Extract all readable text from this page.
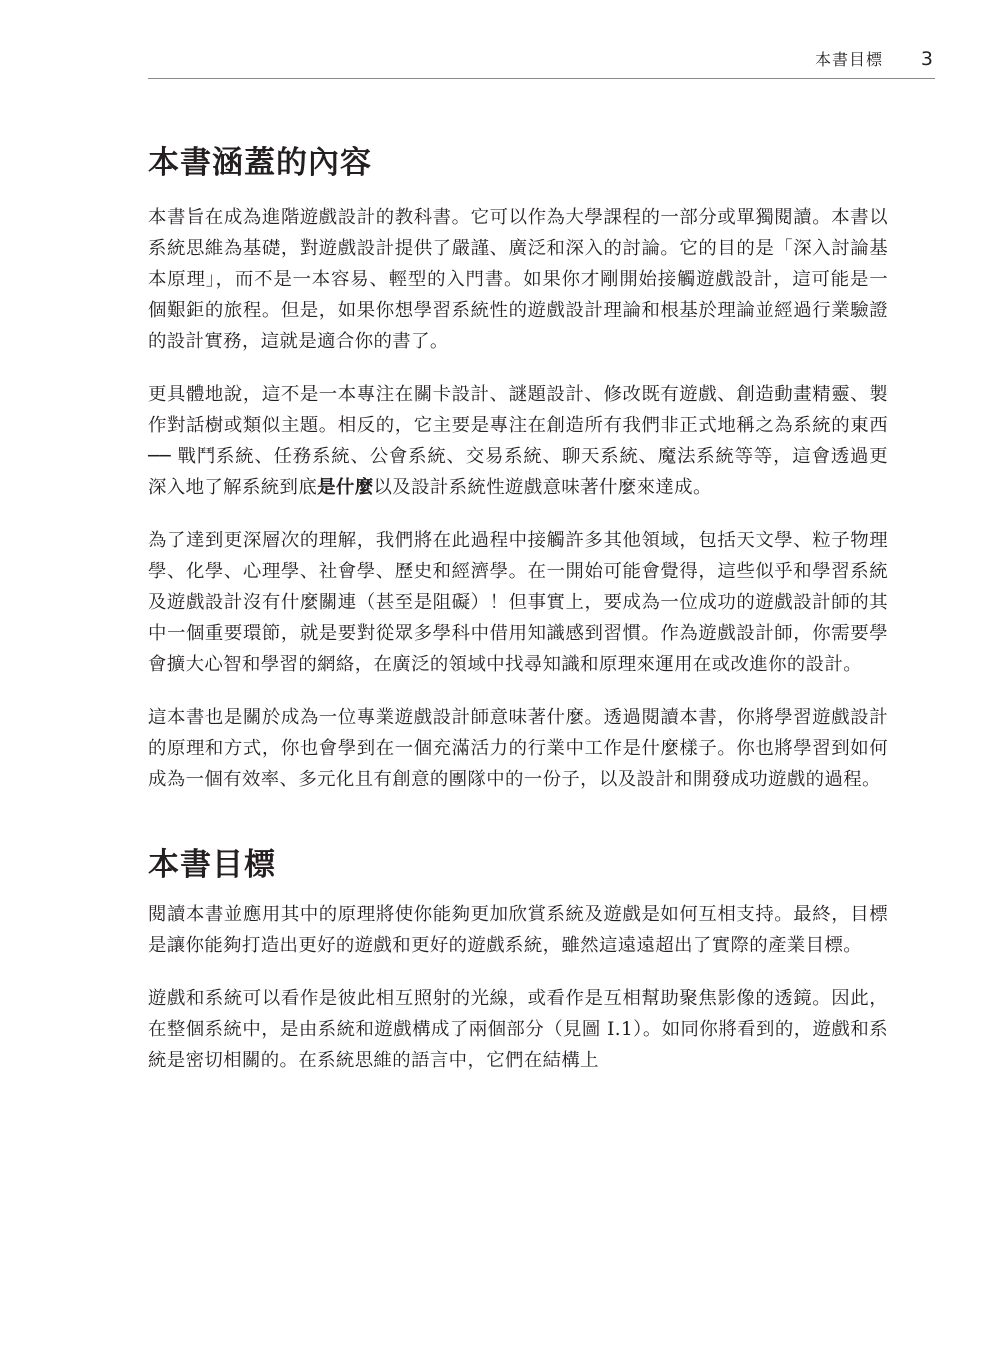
本書目標 3
本書涵蓋的內容

本書旨在成為進階遊戲設計的教科書。它可以作為大學課程的一部分或單獨閱讀。本書以系統思維為基礎，對遊戲設計提供了嚴謹、廣泛和深入的討論。它的目的是「深入討論基本原理」，而不是一本容易、輕型的入門書。如果你才剛開始接觸遊戲設計，這可能是一個艱鉅的旅程。但是，如果你想學習系統性的遊戲設計理論和根基於理論並經過行業驗證的設計實務，這就是適合你的書了。

更具體地說，這不是一本專注在關卡設計、謎題設計、修改既有遊戲、創造動畫精靈、製作對話樹或類似主題。相反的，它主要是專注在創造所有我們非正式地稱之為系統的東西 ── 戰鬥系統、任務系統、公會系統、交易系統、聊天系統、魔法系統等等，這會透過更深入地了解系統到底是什麼以及設計系統性遊戲意味著什麼來達成。

為了達到更深層次的理解，我們將在此過程中接觸許多其他領域，包括天文學、粒子物理學、化學、心理學、社會學、歷史和經濟學。在一開始可能會覺得，這些似乎和學習系統及遊戲設計沒有什麼關連（甚至是阻礙）！但事實上，要成為一位成功的遊戲設計師的其中一個重要環節，就是要對從眾多學科中借用知識感到習慣。作為遊戲設計師，你需要學會擴大心智和學習的網絡，在廣泛的領域中找尋知識和原理來運用在或改進你的設計。

這本書也是關於成為一位專業遊戲設計師意味著什麼。透過閱讀本書，你將學習遊戲設計的原理和方式，你也會學到在一個充滿活力的行業中工作是什麼樣子。你也將學習到如何成為一個有效率、多元化且有創意的團隊中的一份子，以及設計和開發成功遊戲的過程。

本書目標

閱讀本書並應用其中的原理將使你能夠更加欣賞系統及遊戲是如何互相支持。最終，目標是讓你能夠打造出更好的遊戲和更好的遊戲系統，雖然這遠遠超出了實際的產業目標。

遊戲和系統可以看作是彼此相互照射的光線，或看作是互相幫助聚焦影像的透鏡。因此，在整個系統中，是由系統和遊戲構成了兩個部分（見圖 I.1）。如同你將看到的，遊戲和系統是密切相關的。在系統思維的語言中，它們在結構上
